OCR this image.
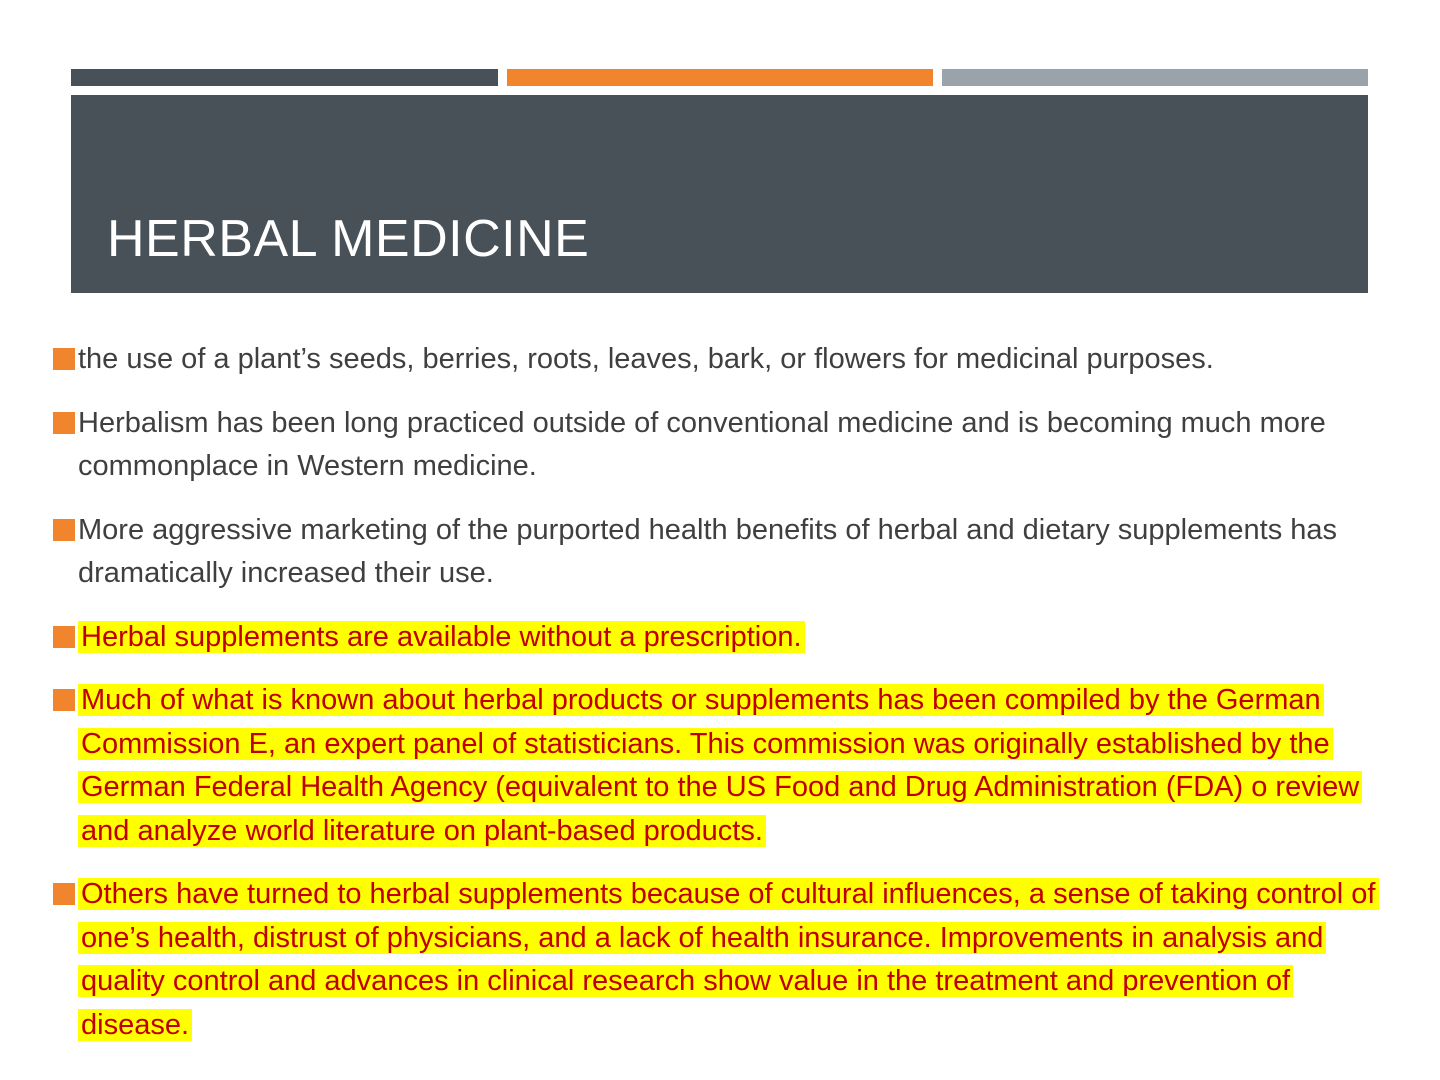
HERBAL MEDICINE
the use of a plant’s seeds, berries, roots, leaves, bark, or flowers for medicinal purposes.
Herbalism has been long practiced outside of conventional medicine and is becoming much more commonplace in Western medicine.
More aggressive marketing of the purported health benefits of herbal and dietary supplements has dramatically increased their use.
Herbal supplements are available without a prescription.
Much of what is known about herbal products or supplements has been compiled by the German Commission E, an expert panel of statisticians. This commission was originally established by the German Federal Health Agency (equivalent to the US Food and Drug Administration (FDA) o review and analyze world literature on plant-based products.
Others have turned to herbal supplements because of cultural influences, a sense of taking control of one’s health, distrust of physicians, and a lack of health insurance. Improvements in analysis and quality control and advances in clinical research show value in the treatment and prevention of disease.
